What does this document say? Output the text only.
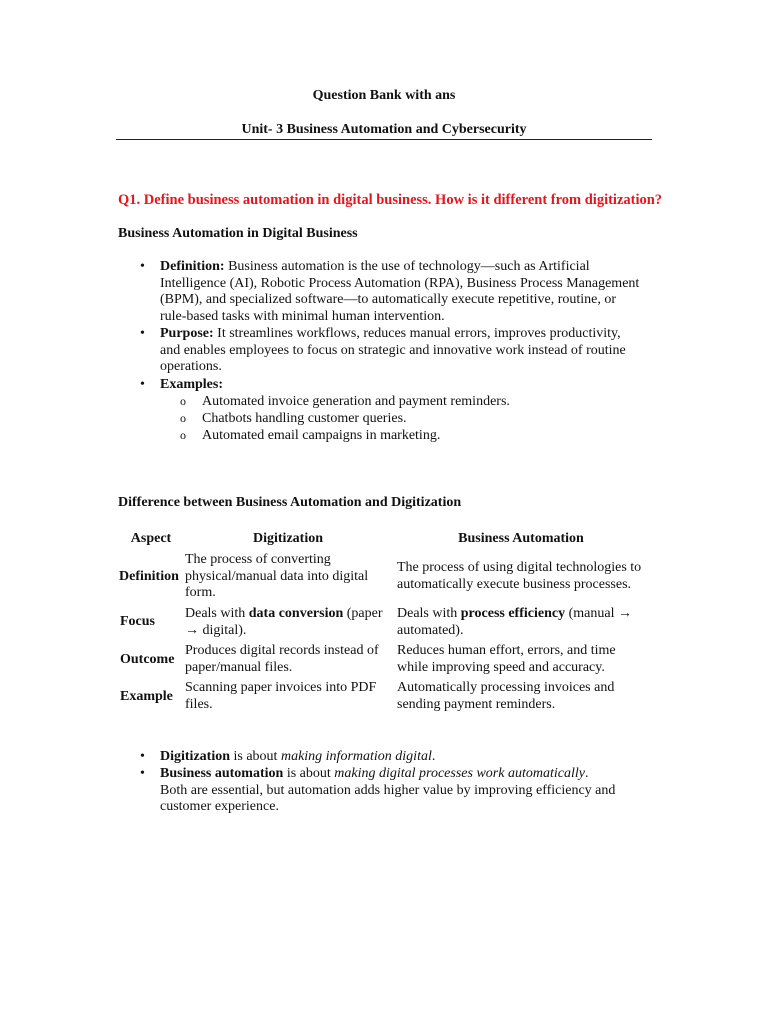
Question Bank with ans
Unit- 3 Business Automation and Cybersecurity
Q1. Define business automation in digital business. How is it different from digitization?
Business Automation in Digital Business
• Definition: Business automation is the use of technology—such as Artificial
Intelligence (AI), Robotic Process Automation (RPA), Business Process Management
(BPM), and specialized software—to automatically execute repetitive, routine, or
rule-based tasks with minimal human intervention.
• Purpose: It streamlines workflows, reduces manual errors, improves productivity,
and enables employees to focus on strategic and innovative work instead of routine
operations.
• Examples:
o Automated invoice generation and payment reminders.
o Chatbots handling customer queries.
o Automated email campaigns in marketing.
Difference between Business Automation and Digitization
Aspect	Digitization	Business Automation
Definition
The process of converting
physical/manual data into digital
form.
The process of using digital technologies to
automatically execute business processes.
Focus
Deals with data conversion (paper
→ digital).
Deals with process efficiency (manual →
automated).
Outcome
Produces digital records instead of
paper/manual files.
Reduces human effort, errors, and time
while improving speed and accuracy.
Example
Scanning paper invoices into PDF
files.
Automatically processing invoices and
sending payment reminders.
• Digitization is about making information digital.
• Business automation is about making digital processes work automatically.
Both are essential, but automation adds higher value by improving efficiency and
customer experience.
